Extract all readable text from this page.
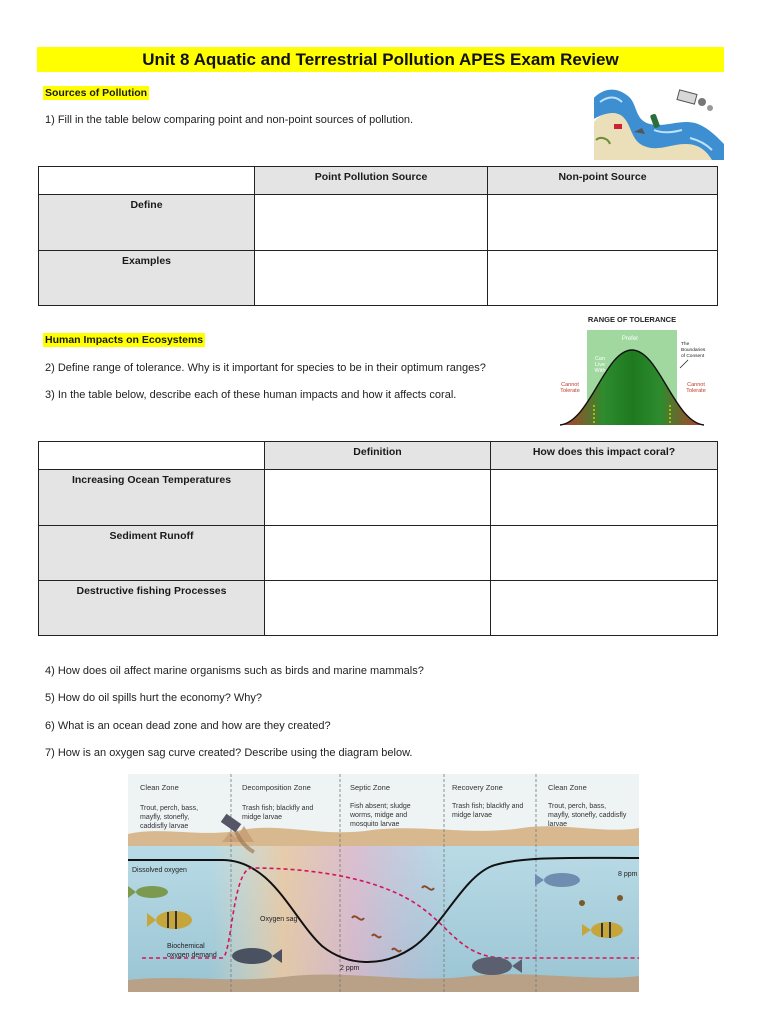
Unit 8 Aquatic and Terrestrial Pollution APES Exam Review
Sources of Pollution
1) Fill in the table below comparing point and non-point sources of pollution.
	Point Pollution Source	Non-point Source
Define		
Examples		
Human Impacts on Ecosystems
2) Define range of tolerance. Why is it important for species to be in their optimum ranges?
3) In the table below, describe each of these human impacts and how it affects coral.
RANGE OF TOLERANCE
Prefer
Can
Live
With
Cannot
Tolerate
Cannot
Tolerate
The
Boundaries
of Consent
	Definition	How does this impact coral?
Increasing Ocean Temperatures		
Sediment Runoff		
Destructive fishing Processes		
4) How does oil affect marine organisms such as birds and marine mammals?
5) How do oil spills hurt the economy? Why?
6) What is an ocean dead zone and how are they created?
7) How is an oxygen sag curve created? Describe using the diagram below.
Clean Zone
Trout, perch, bass,
mayfly, stonefly,
caddisfly larvae
Decomposition Zone
Trash fish; blackfly and
midge larvae
Septic Zone
Fish absent; sludge
worms, midge and
mosquito larvae
Recovery Zone
Trash fish; blackfly and
midge larvae
Clean Zone
Trout, perch, bass,
mayfly, stonefly, caddisfly
larvae
Dissolved oxygen
Oxygen sag
Biochemical
oxygen demand
8 ppm
2 ppm
